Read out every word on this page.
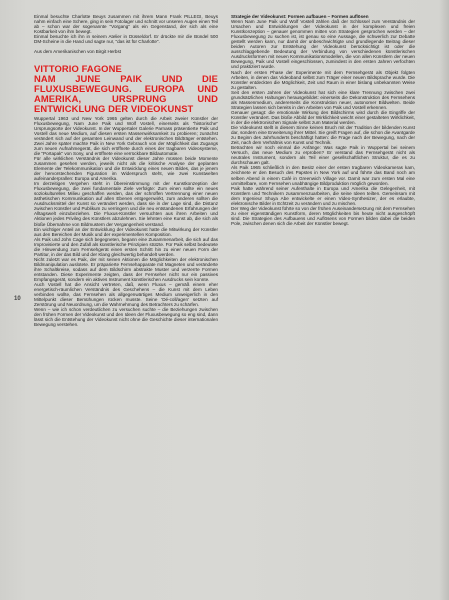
Einmal besuchte Charlotte Beuys zusammen mit ihrem Mann Frank PILLEGI, Beuys nahm einfach eine Schere, ging in sein Fotolager und schnitt vor unseren Augen einen Teil ab – schon war der sogenannte "Vorgang" als ein Gegenstand, der sich als eine Kostbarkeit von ihm bewegt.

Einmal besuchte ich ihn in seinem Atelier in Düsseldorf. Er drückte mir die Bündel 500 DM-Scheine in die Hand und sagte nur, "das ist für Charlotte".

Aus dem Amerikanischen von Birgit Herbst

VITTORIO FAGONE

NAM JUNE PAIK UND DIE FLUXUSBEWEGUNG. EUROPA UND AMERIKA, URSPRUNG UND ENTWICKLUNG DER VIDEOKUNST

Wuppertal 1963 und New York 1965 gelten durch die Arbeit zweier Künstler der Fluxusbewegung, Nam June Paik und Wolf Vostell, einerseits als "historische" Ursprungsorte der Videokunst. In der Wuppertaler Galerie Parnass präsentierte Paik und Vostell das neue Medium, auf diesen ersten Massenwirksamkeit zu probieren; zunächst verändert sich auf der gesamten Leinwand und der elektronischen Bildträger entstehen. Zwei Jahre später machte Paik in New York Gebrauch von der Möglichkeit das Zugangs zum neuen Aufnahmegerät, die sich eröffnete durch eines der tragbaren Videosysteme, die "Portapak" von Sony, und eröffnete eine verrückbare Bildautomatie.

Für alle wirklichen Verständnis der Videokunst dieser Jahre müssen beide Momente zusammen gesehen werden, jeweils nicht als die kritische Analyse der geplanten Elemente der Telekommunikation und die Entwicklung eines neuen Bildes, das je jenem der hervorstechenden Figuration im Widerspruch steht, wie zwei Kunstwelten aufeinanderprallen: Europa und Amerika.

Im derzeitigen Vergehen steht in Übereinstimmung mit der Kunstkonzeption der Fluxusbewegung, die zwei fundamentale Ziele verfolgte: Zum einen sollte ein neues soziokulturelles Milieu geschaffen werden, das der schroffen Vertrennung einer neuen ästhetischen Kommunikation auf allen Ebenen entgegenwirkt, zum anderen sollten die Ausdrucksmittel der Kunst so verändert werden, dass sie in der Lage sind, die Distanz zwischen Künstler und Publikum zu verringern und die neu entstandenen Erfahrungen der Alltagswelt einzubeziehen. Die Fluxus-Künstler versuchten aus ihren Arbeiten und Aktionen jedes Privileg des Künstlers abzulehnen. Sie lehnten eine Kunst ab, die sich als bloße Übernahme von Bildmustern der Vergangenheit verstand.

Ein wichtiger Anteil an der Entwicklung der Videokunst hatte die Mitwirkung der Künstler aus den Bereichen der Musik und der experimentellen Komposition.

Als Paik und John Cage sich begegneten, begann eine Zusammenarbeit, die sich auf das Improvisierte und den Zufall als künstlerische Prinzipien stützte. Für Paik selbst bedeutete die Hinwendung zum Fernsehgerät einen ersten Schritt hin zu einer neuen Form der Partitur, in der das Bild und der Klang gleichwertig behandelt werden.

Nicht zuletzt war es Paik, der mit seinen Aktionen die Möglichkeiten der elektronischen Bildmanipulation auslotete. Er präparierte Fernsehapparate mit Magneten und veränderte ihre Schaltkreise, sodass auf dem Bildschirm abstrakte Muster und verzerrte Formen entstanden. Diese Experimente zeigten, dass der Fernseher nicht nur ein passives Empfangsgerät, sondern ein aktives Instrument künstlerischen Ausdrucks sein konnte.

Auch Vostell hat die Ansicht vertreten, daß, wenn Fluxus – gemäß einem eher energetisch-räumlichen Verständnis des Geschehens – die Kunst mit dem Leben verbinden wollte, das Fernsehen als allgegenwärtiges Medium unweigerlich in den Mittelpunkt dieser Bemühungen rücken musste. Seine 'Dé-coll/agen' setzten auf Zerstörung und Neuordnung, um die Wahrnehmung des Betrachters zu schärfen.

Wenn – wie ich schon verdeutlichen zu versuchen suchte – die Beziehungen zwischen den frühen Formen der Videokunst und den Ideen der Fluxusbewegung so eng sind, dann lässt sich die Entstehung der Videokunst nicht ohne die Geschichte dieser internationalen Bewegung verstehen.

Strategie der Videokunst: Formen aufbauen – Formen auflösen

Wenn Nam June Paik und Wolf Vostell zählen daß der Schlüssel zum Verständnis der Ursachen und Entwicklungen der Videokunst in der komplexen und freien Kunstkonzeption – genauer genommen mitten von Strategien gesprochen werden – der Fluxusbewegung zu suchen ist, ist genau so eine Aussage, die schwerlich zur Debatte gestellt werden kann, nur damit der unbeschwichtigte und grundlegende Beitrag dieser beiden Autoren zur Entstehung der Videokunst berücksichtigt ist oder die ausschlaggebende Bedeutung der Verbindung von verschiedenen künstlerischen Ausdrucksformen mit neuen Kommunikationsmodellen, die von allen Künstlern der neuen Bewegung, Paik und Vostell eingeschlossen, zumindest in den ersten Jahren verfochten und praktiziert wurde.

Nach der ersten Phase der Experimente mit dem Fernsehgerät als Objekt folgten Arbeiten, in denen das Videoband selbst zum Träger einer neuen Bildsprache wurde. Die Künstler entdeckten die Möglichkeit, Zeit und Raum in einer bislang unbekannten Weise zu gestalten.

Seit den ersten Jahren der Videokunst hat sich eine klare Trennung zwischen zwei grundsätzlichen Haltungen herausgebildet: einerseits die Dekonstruktion des Fernsehens als Massenmedium, andererseits die Konstruktion neuer, autonomer Bildwelten. Beide Strategien lassen sich bereits in den Arbeiten von Paik und Vostell erkennen.

Genauer gesagt: die emotionale Wirkung des Bildschirms wird durch die Eingriffe der Künstler verändert. Das bloße Abbild der Wirklichkeit weicht einer gestalteten Wirklichkeit, in der die elektronischen Signale selbst zum Material werden.

Die Videokunst stellt in diesem Sinne keinen Bruch mit der Tradition der bildenden Kunst dar, sondern eine Erweiterung ihrer Mittel. Sie greift Fragen auf, die schon die Avantgarde zu Beginn des Jahrhunderts beschäftigt hatten: die Frage nach der Bewegung, nach der Zeit, nach dem Verhältnis von Kunst und Technik.

Betrachten wir noch einmal die Anfänge: Was sagte Paik in Wuppertal bei seinem Versuch, das neue Medium zu erproben? Er verstand das Fernsehgerät nicht als neutrales Instrument, sondern als Teil einer gesellschaftlichen Struktur, die es zu durchschauen galt.

Als Paik 1965 schließlich in den Besitz einer der ersten tragbaren Videokameras kam, zeichnete er den Besuch des Papstes in New York auf und führte das Band noch am selben Abend in einem Café in Greenwich Village vor. Damit war zum ersten Mal eine unmittelbare, vom Fernsehen unabhängige Bildproduktion möglich geworden.

Paik hatte während seiner Aufenthalte in Europa und Amerika die Gelegenheit, mit Künstlern und Technikern zusammenzuarbeiten, die seine Ideen teilten. Gemeinsam mit dem Ingenieur Shuya Abe entwickelte er einen Video-Synthesizer, der es erlaubte, elektronische Bilder in Echtzeit zu verändern und zu mischen.

Der Weg der Videokunst führte so von der frühen Auseinandersetzung mit dem Fernsehen zu einer eigenständigen Kunstform, deren Möglichkeiten bis heute nicht ausgeschöpft sind. Die Strategien des Aufbauens und Auflösens von Formen bilden dabei die beiden Pole, zwischen denen sich die Arbeit der Künstler bewegt.

10
